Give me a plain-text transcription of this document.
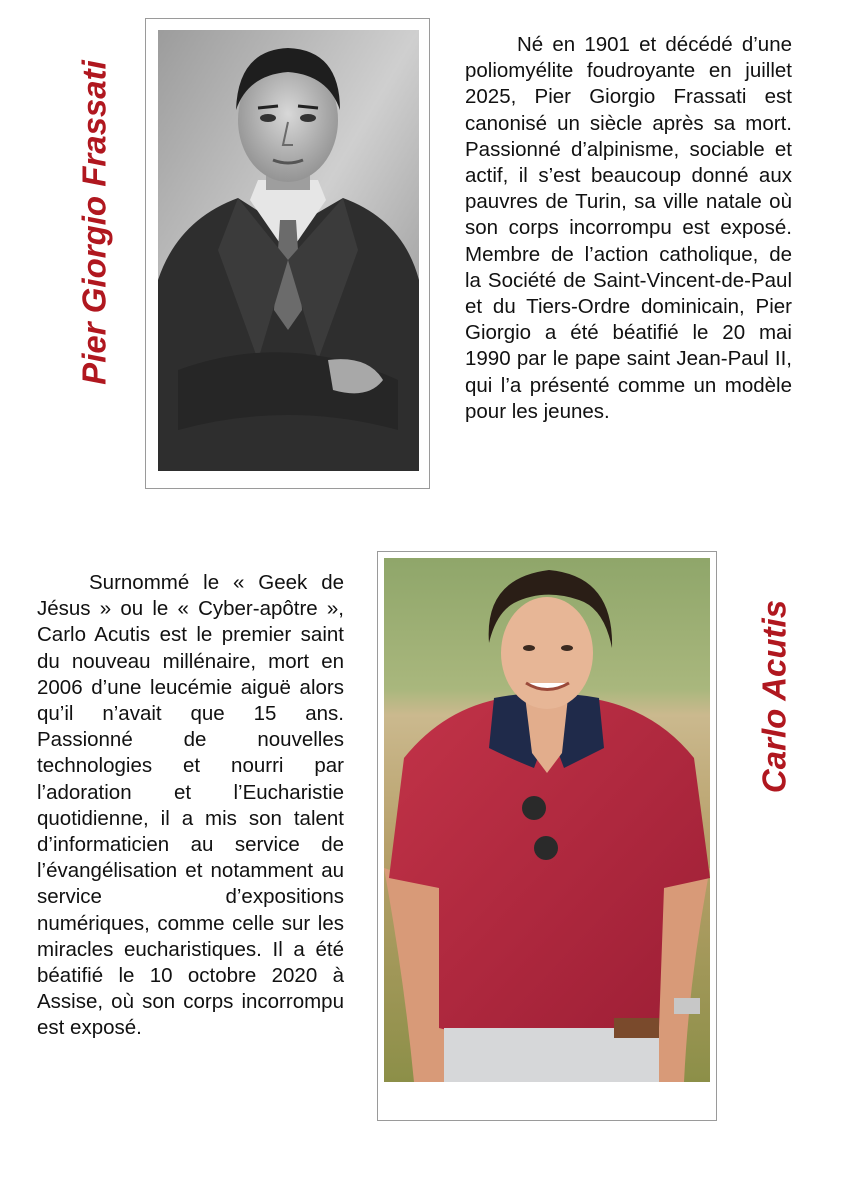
Pier Giorgio Frassati

Né en 1901 et décédé d’une poliomyélite foudroyante en juillet 2025, Pier Giorgio Frassati est canonisé un siècle après sa mort. Passionné d’alpinisme, sociable et actif, il s’est beaucoup donné aux pauvres de Turin, sa ville natale où son corps incorrompu est exposé. Membre de l’action catholique, de la Société de Saint-Vincent-de-Paul et du Tiers-Ordre dominicain, Pier Giorgio a été béatifié le 20 mai 1990 par le pape saint Jean-Paul II, qui l’a présenté comme un modèle pour les jeunes.

Surnommé le « Geek de Jésus » ou le « Cyber-apôtre », Carlo Acutis est le premier saint du nouveau millénaire, mort en 2006 d’une leucémie aiguë alors qu’il n’avait que 15 ans. Passionné de nouvelles technologies et nourri par l’adoration et l’Eucharistie quotidienne, il a mis son talent d’informaticien au service de l’évangélisation et notamment au service d’expositions numériques, comme celle sur les miracles eucharistiques. Il a été béatifié le 10 octobre 2020 à Assise, où son corps incorrompu est exposé.

Carlo Acutis
